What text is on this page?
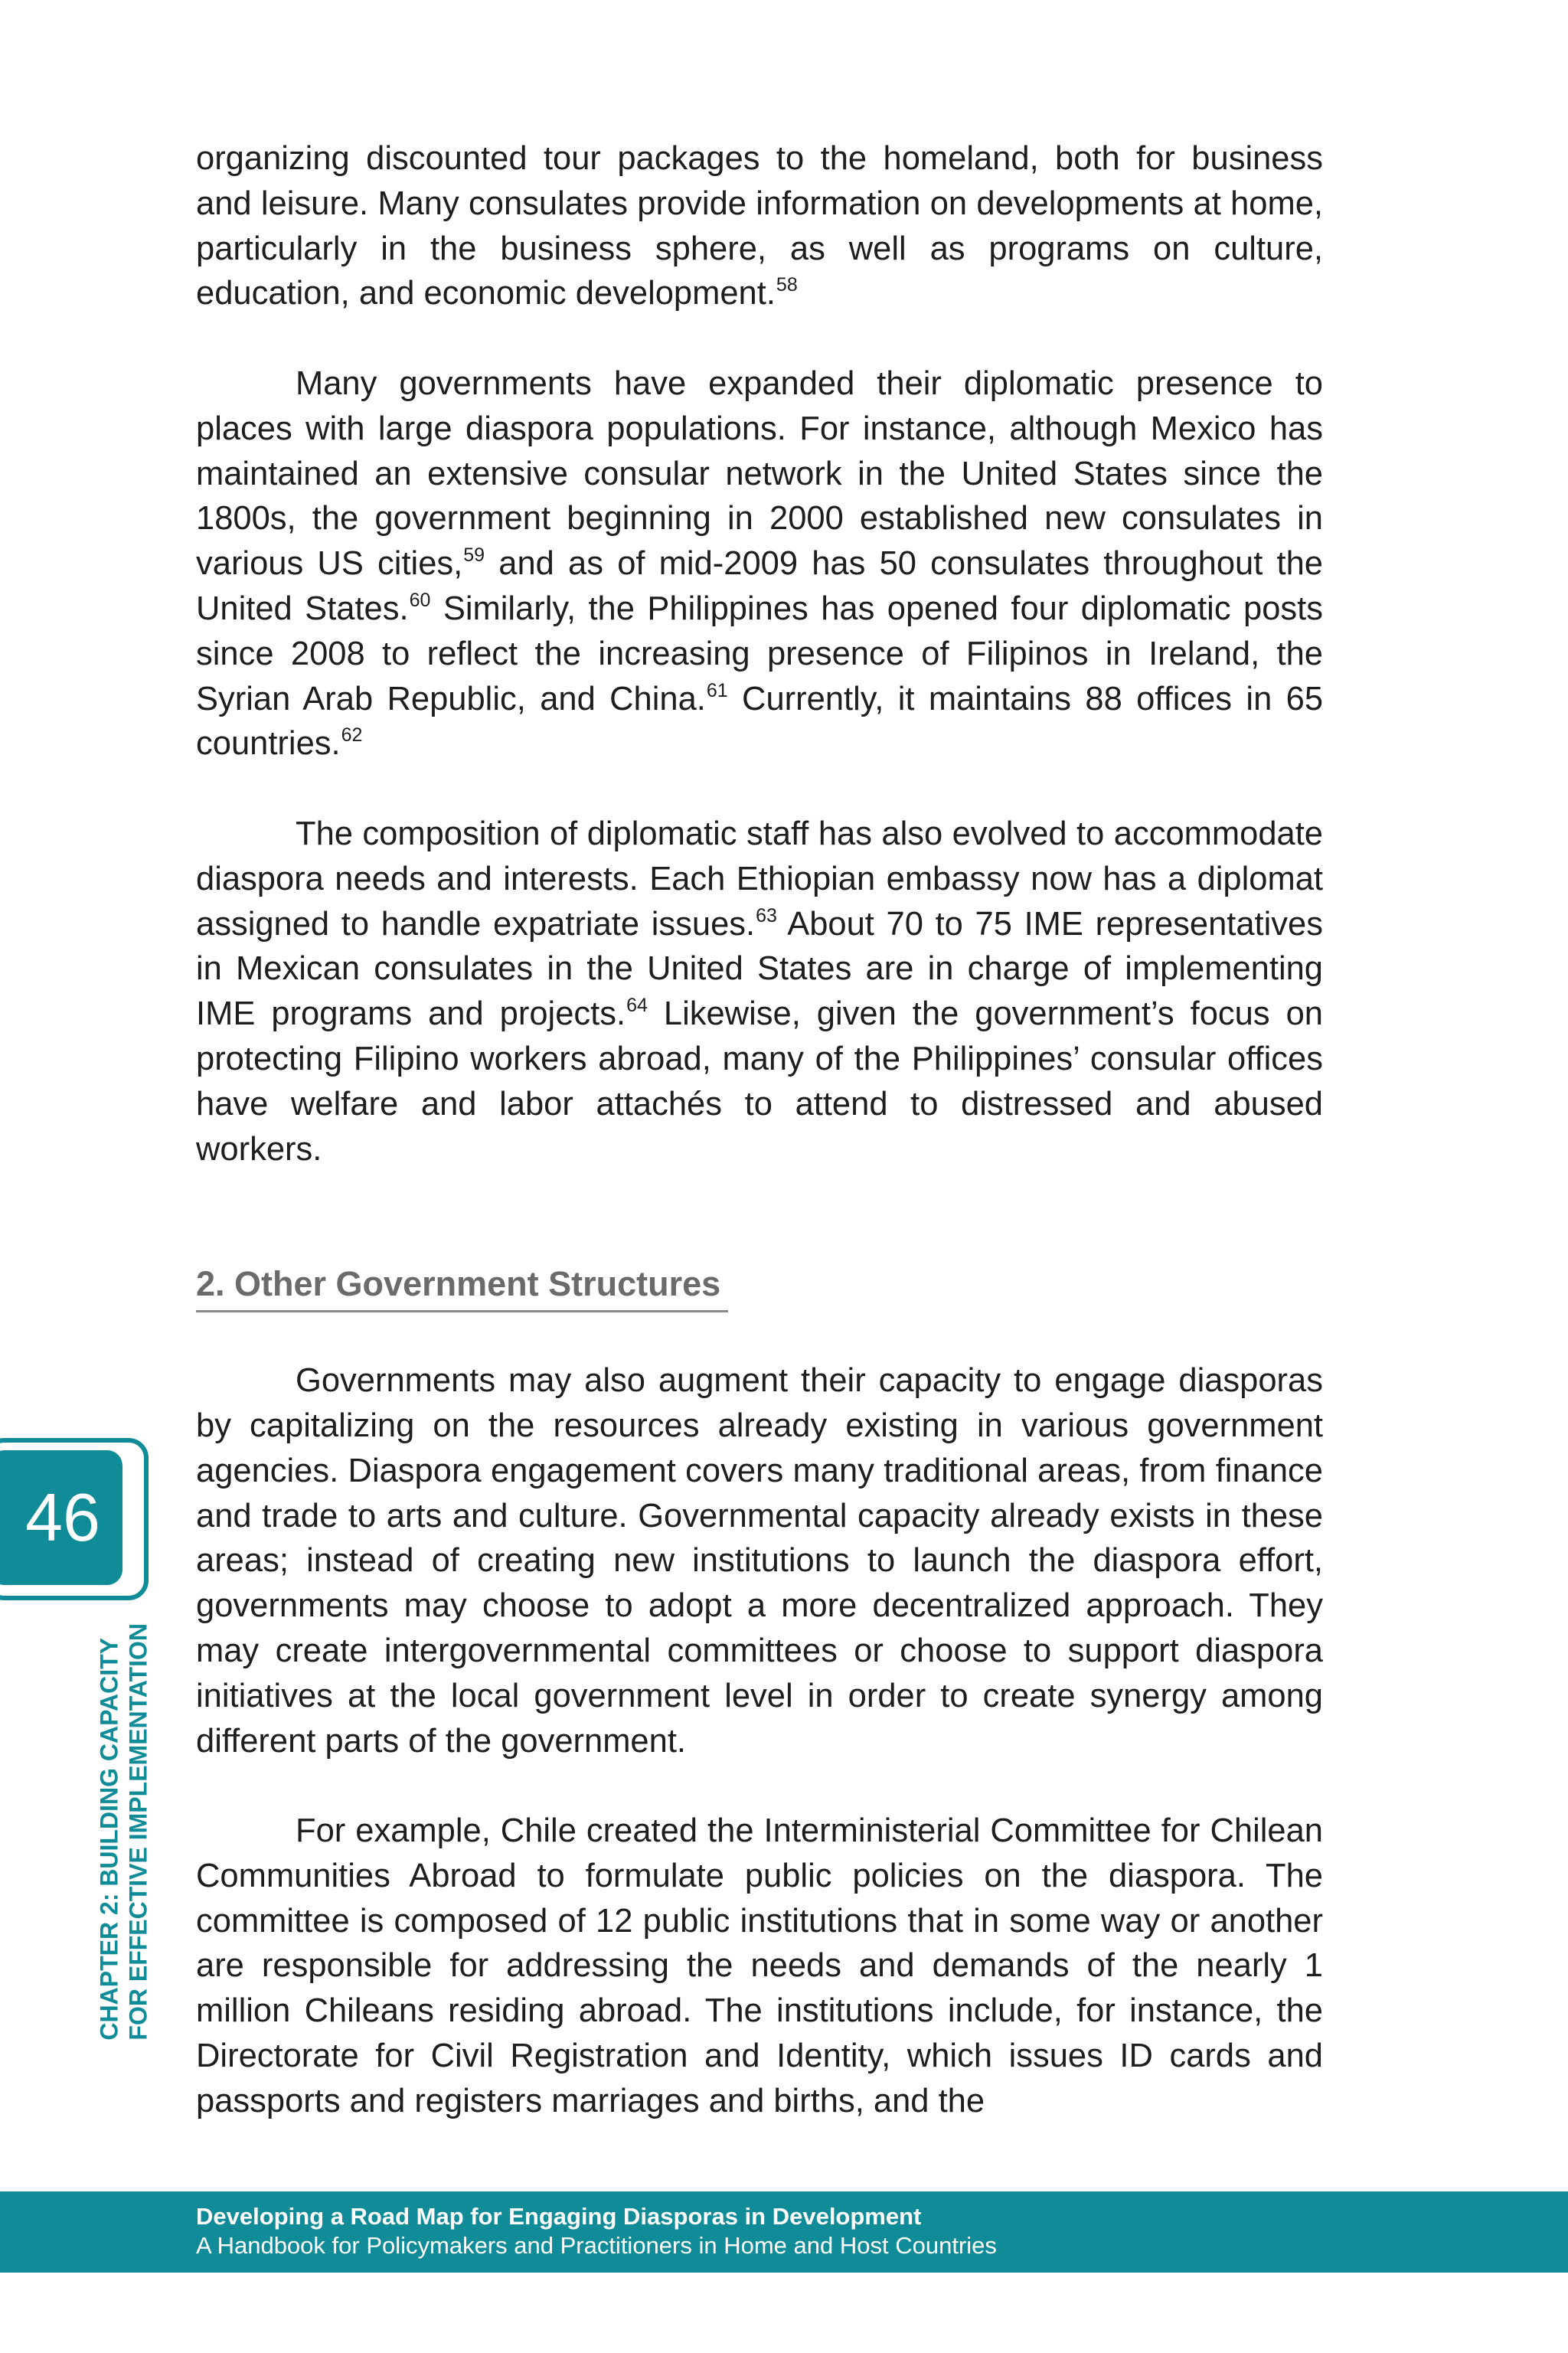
organizing discounted tour packages to the homeland, both for business and leisure. Many consulates provide information on developments at home, particularly in the business sphere, as well as programs on culture, education, and economic development.$^{58}$

Many governments have expanded their diplomatic presence to places with large diaspora populations. For instance, although Mexico has maintained an extensive consular network in the United States since the 1800s, the government beginning in 2000 established new consulates in various US cities,$^{59}$ and as of mid-2009 has 50 consulates throughout the United States.$^{60}$ Similarly, the Philippines has opened four diplomatic posts since 2008 to reflect the increasing presence of Filipinos in Ireland, the Syrian Arab Republic, and China.$^{61}$ Currently, it maintains 88 offices in 65 countries.$^{62}$

The composition of diplomatic staff has also evolved to accommodate diaspora needs and interests. Each Ethiopian embassy now has a diplomat assigned to handle expatriate issues.$^{63}$ About 70 to 75 IME representatives in Mexican consulates in the United States are in charge of implementing IME programs and projects.$^{64}$ Likewise, given the government’s focus on protecting Filipino workers abroad, many of the Philippines’ consular offices have welfare and labor attachés to attend to distressed and abused workers.

2. Other Government Structures

Governments may also augment their capacity to engage diasporas by capitalizing on the resources already existing in various government agencies. Diaspora engagement covers many traditional areas, from finance and trade to arts and culture. Governmental capacity already exists in these areas; instead of creating new institutions to launch the diaspora effort, governments may choose to adopt a more decentralized approach. They may create intergovernmental committees or choose to support diaspora initiatives at the local government level in order to create synergy among different parts of the government.

For example, Chile created the Interministerial Committee for Chilean Communities Abroad to formulate public policies on the diaspora. The committee is composed of 12 public institutions that in some way or another are responsible for addressing the needs and demands of the nearly 1 million Chileans residing abroad. The institutions include, for instance, the Directorate for Civil Registration and Identity, which issues ID cards and passports and registers marriages and births, and the

46
CHAPTER 2: BUILDING CAPACITY FOR EFFECTIVE IMPLEMENTATION
Developing a Road Map for Engaging Diasporas in Development
A Handbook for Policymakers and Practitioners in Home and Host Countries
